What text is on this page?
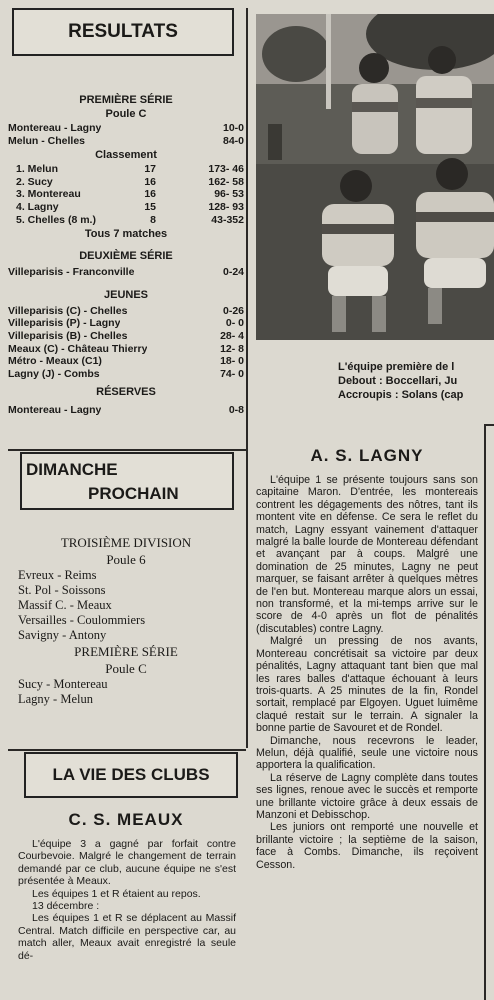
RESULTATS
PREMIÈRE SÉRIE
Poule C
Montereau - Lagny	10-0
Melun - Chelles	84-0
Classement
1. Melun	17	173- 46
2. Sucy	16	162- 58
3. Montereau	16	96- 53
4. Lagny	15	128- 93
5. Chelles (8 m.)	8	43-352
Tous 7 matches
DEUXIÈME SÉRIE
Villeparisis - Franconville	0-24
JEUNES
Villeparisis (C) - Chelles	0-26
Villeparisis (P) - Lagny	0- 0
Villeparisis (B) - Chelles	28- 4
Meaux (C) - Château Thierry	12- 8
Métro - Meaux (C1)	18- 0
Lagny (J) - Combs	74- 0
RÉSERVES
Montereau - Lagny	0-8
DIMANCHE
PROCHAIN
TROISIÈME DIVISION
Poule 6
Evreux - Reims
St. Pol - Soissons
Massif C. - Meaux
Versailles - Coulommiers
Savigny - Antony
PREMIÈRE SÉRIE
Poule C
Sucy - Montereau
Lagny - Melun
LA VIE DES CLUBS
C. S. MEAUX

L'équipe 3 a gagné par forfait contre Courbevoie. Malgré le changement de terrain demandé par ce club, aucune équipe ne s'est présentée à Meaux.

Les équipes 1 et R étaient au repos.

13 décembre :

Les équipes 1 et R se déplacent au Massif Central. Match difficile en perspective car, au match aller, Meaux avait enregistré la seule dé-

L'équipe première de l
Debout : Boccellari, Ju
Accroupis : Solans (cap
A. S. LAGNY

L'équipe 1 se présente toujours sans son capitaine Maron. D'entrée, les montereais contrent les dégagements des nôtres, tant ils montent vite en défense. Ce sera le reflet du match, Lagny essyant vainement d'attaquer malgré la balle lourde de Montereau défendant et avançant par à coups. Malgré une domination de 25 minutes, Lagny ne peut marquer, se faisant arrêter à quelques mètres de l'en but. Montereau marque alors un essai, non transformé, et la mi-temps arrive sur le score de 4-0 après un flot de pénalités (discutables) contre Lagny.

Malgré un pressing de nos avants, Montereau concrétisait sa victoire par deux pénalités, Lagny attaquant tant bien que mal les rares balles d'attaque échouant à leurs trois-quarts. A 25 minutes de la fin, Rondel sortait, remplacé par Elgoyen. Uguet luimême claqué restait sur le terrain. A signaler la bonne partie de Savouret et de Rondel.

Dimanche, nous recevrons le leader, Melun, déjà qualifié, seule une victoire nous apportera la qualification.

La réserve de Lagny complète dans toutes ses lignes, renoue avec le succès et remporte une brillante victoire grâce à deux essais de Manzoni et Debisschop.

Les juniors ont remporté une nouvelle et brillante victoire ; la septième de la saison, face à Combs. Dimanche, ils reçoivent Cesson.
